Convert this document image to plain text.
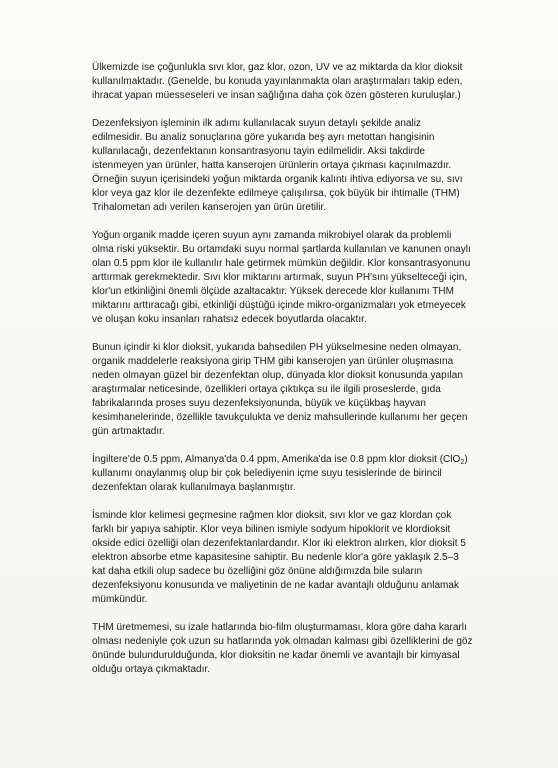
Ülkemizde ise çoğunlukla sıvı klor, gaz klor, ozon, UV ve az miktarda da klor dioksit
kullanılmaktadır. (Genelde, bu konuda yayınlanmakta olan araştırmaları takip eden,
ihracat yapan müesseseleri ve insan sağlığına daha çok özen gösteren kuruluşlar.)

Dezenfeksiyon işleminin ilk adımı kullanılacak suyun detaylı şekilde analiz
edilmesidir. Bu analiz sonuçlarına göre yukarıda beş ayrı metottan hangisinin
kullanılacağı, dezenfektanın konsantrasyonu tayin edilmelidir. Aksi takdirde
istenmeyen yan ürünler, hatta kanserojen ürünlerin ortaya çıkması kaçınılmazdır.
Örneğin suyun içerisindeki yoğun miktarda organik kalıntı ihtiva ediyorsa ve su, sıvı
klor veya gaz klor ile dezenfekte edilmeye çalışılırsa, çok büyük bir ihtimalle (THM)
Trihalometan adı verilen kanserojen yan ürün üretilir.

Yoğun organik madde içeren suyun aynı zamanda mikrobiyel olarak da problemli
olma riski yüksektir. Bu ortamdaki suyu normal şartlarda kullanılan ve kanunen onaylı
olan 0.5 ppm klor ile kullanılır hale getirmek mümkün değildir. Klor konsantrasyonunu
arttırmak gerekmektedir. Sıvı klor miktarını artırmak, suyun PH'sını yükselteceği için,
klor'un etkinliğini önemli ölçüde azaltacaktır. Yüksek derecede klor kullanımı THM
miktarını arttıracağı gibi, etkinliği düştüğü içinde mikro-organizmaları yok etmeyecek
ve oluşan koku insanları rahatsız edecek boyutlarda olacaktır.

Bunun içindir ki klor dioksit, yukarıda bahsedilen PH yükselmesine neden olmayan,
organik maddelerle reaksiyona girip THM gibi kanserojen yan ürünler oluşmasına
neden olmayan güzel bir dezenfektan olup, dünyada klor dioksit konusunda yapılan
araştırmalar neticesinde, özellikleri ortaya çıktıkça su ile ilgili proseslerde, gıda
fabrikalarında proses suyu dezenfeksiyonunda, büyük ve küçükbaş hayvan
kesimhanelerinde, özellikle tavukçulukta ve deniz mahsullerinde kullanımı her geçen
gün artmaktadır.

İngiltere'de 0.5 ppm, Almanya'da 0.4 ppm, Amerika'da ise 0.8 ppm klor dioksit (ClO$_2$)
kullanımı onaylanmış olup bir çok belediyenin içme suyu tesislerinde de birincil
dezenfektan olarak kullanılmaya başlanmıştır.

İsminde klor kelimesi geçmesine rağmen klor dioksit, sıvı klor ve gaz klordan çok
farklı bir yapıya sahiptir. Klor veya bilinen ismiyle sodyum hipoklorit ve klordioksit
okside edici özelliği olan dezenfektanlardandır. Klor iki elektron alırken, klor dioksit 5
elektron absorbe etme kapasitesine sahiptir. Bu nedenle klor'a göre yaklaşık 2.5–3
kat daha etkili olup sadece bu özelliğini göz önüne aldığımızda bile suların
dezenfeksiyonu konusunda ve maliyetinin de ne kadar avantajlı olduğunu anlamak
mümkündür.

THM üretmemesi, su izale hatlarında bio-film oluşturmaması, klora göre daha kararlı
olması nedeniyle çok uzun su hatlarında yok olmadan kalması gibi özelliklerini de göz
önünde bulundurulduğunda, klor dioksitin ne kadar önemli ve avantajlı bir kimyasal
olduğu ortaya çıkmaktadır.
